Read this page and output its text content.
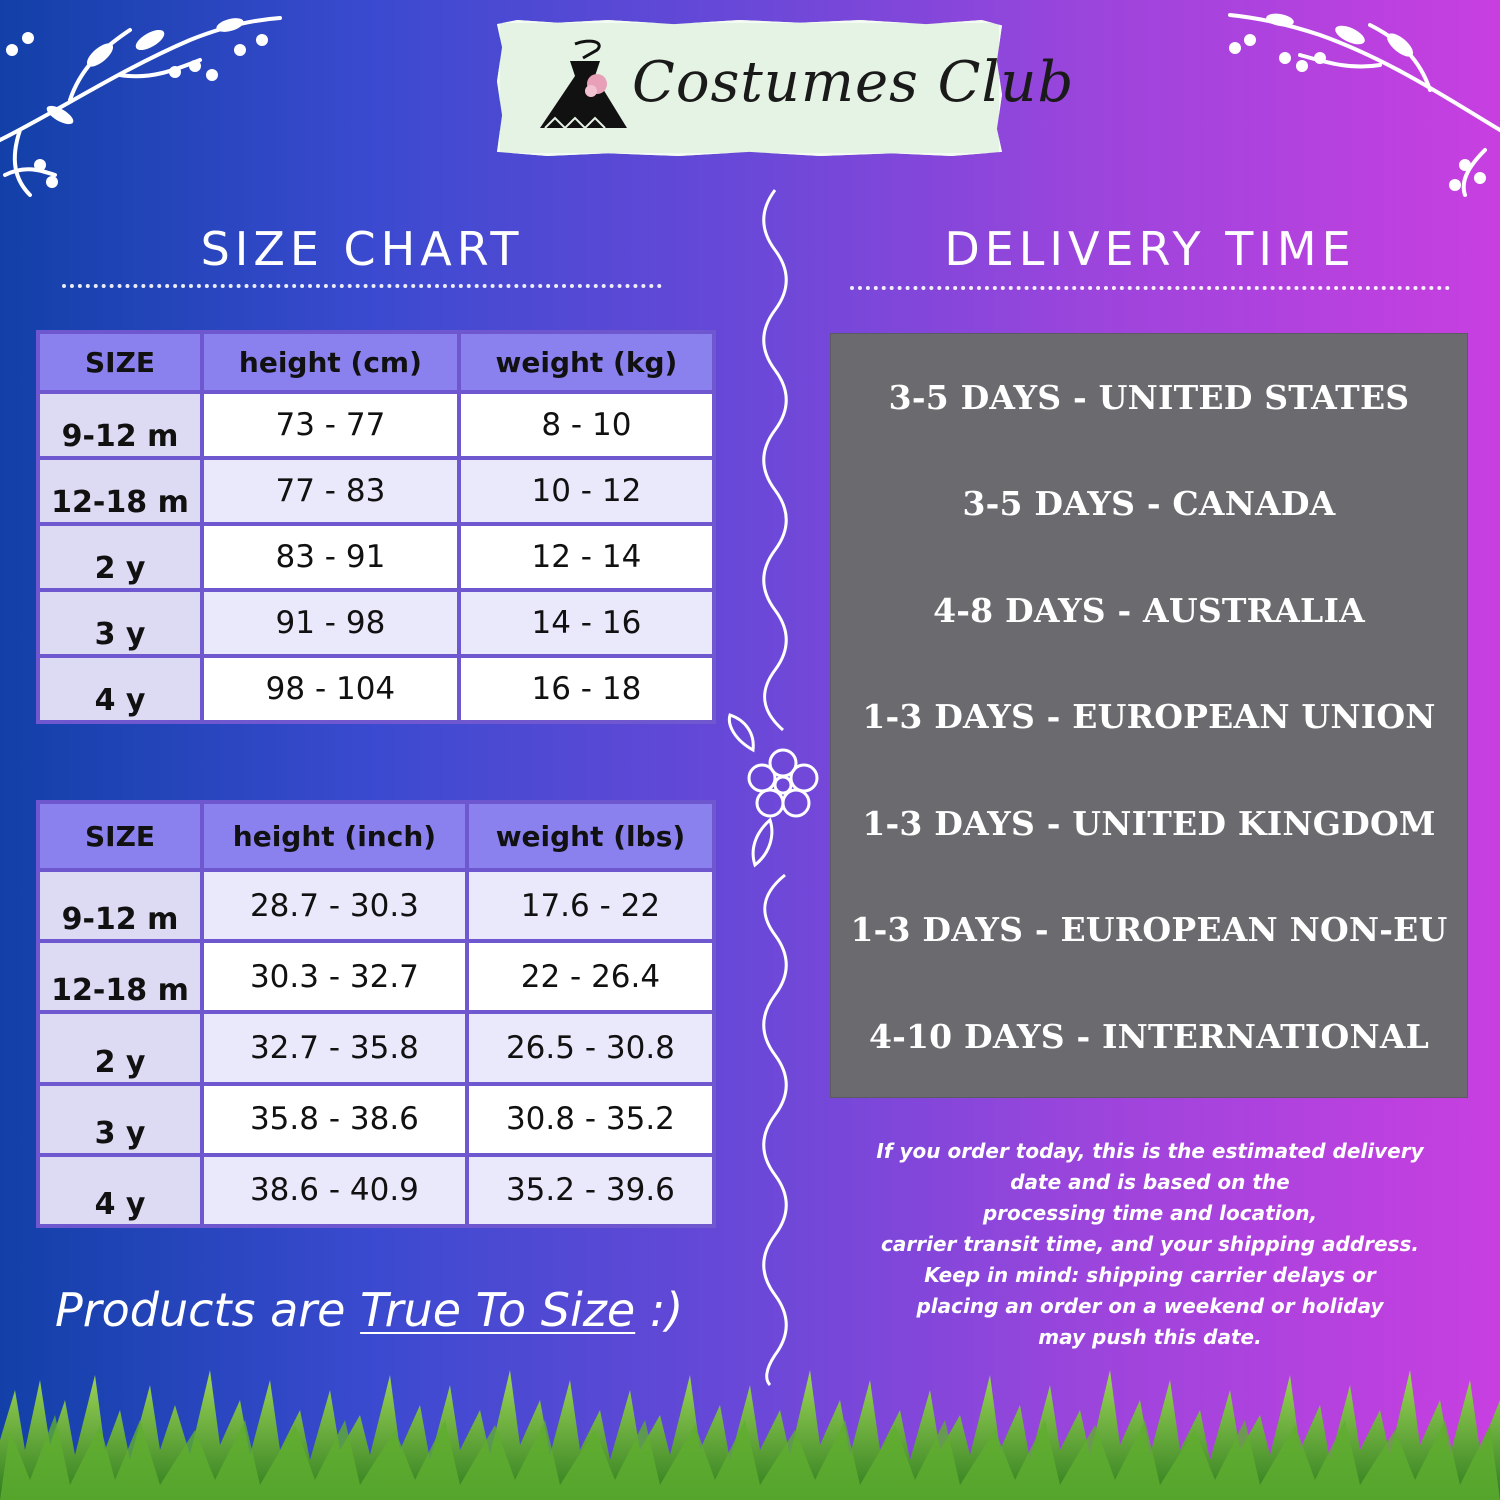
Costumes Club
SIZE CHART	DELIVERY TIME
SIZE	height (cm)	weight (kg)
9-12 m	73 - 77	8 - 10
12-18 m	77 - 83	10 - 12
2 y	83 - 91	12 - 14
3 y	91 - 98	14 - 16
4 y	98 - 104	16 - 18
SIZE	height (inch)	weight (lbs)
9-12 m	28.7 - 30.3	17.6 - 22
12-18 m	30.3 - 32.7	22 - 26.4
2 y	32.7 - 35.8	26.5 - 30.8
3 y	35.8 - 38.6	30.8 - 35.2
4 y	38.6 - 40.9	35.2 - 39.6
Products are True To Size :)
3-5 DAYS - UNITED STATES
3-5 DAYS - CANADA
4-8 DAYS - AUSTRALIA
1-3 DAYS - EUROPEAN UNION
1-3 DAYS - UNITED KINGDOM
1-3 DAYS - EUROPEAN NON-EU
4-10 DAYS - INTERNATIONAL
If you order today, this is the estimated delivery
date and is based on the
processing time and location,
carrier transit time, and your shipping address.
Keep in mind: shipping carrier delays or
placing an order on a weekend or holiday
may push this date.
